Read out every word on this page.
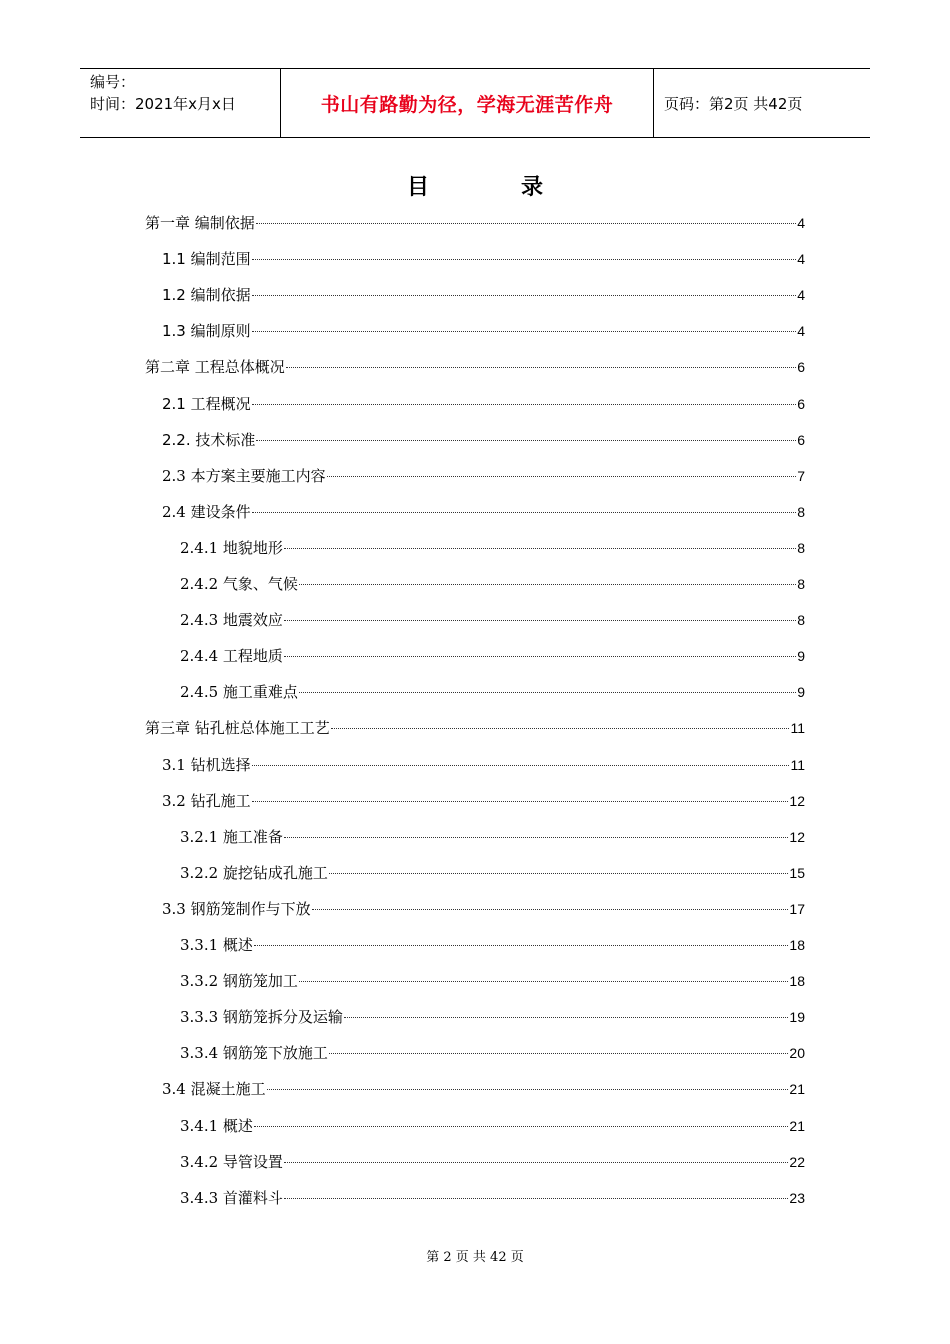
编号：
时间：2021年x月x日	书山有路勤为径，学海无涯苦作舟	页码：第2页 共42页
目	录
第一章 编制依据	4
1.1 编制范围	4
1.2 编制依据	4
1.3 编制原则	4
第二章 工程总体概况	6
2.1 工程概况	6
2.2. 技术标准	6
2.3 本方案主要施工内容	7
2.4 建设条件	8
2.4.1 地貌地形	8
2.4.2 气象、气候	8
2.4.3 地震效应	8
2.4.4 工程地质	9
2.4.5 施工重难点	9
第三章 钻孔桩总体施工工艺	11
3.1 钻机选择	11
3.2 钻孔施工	12
3.2.1 施工准备	12
3.2.2 旋挖钻成孔施工	15
3.3 钢筋笼制作与下放	17
3.3.1 概述	18
3.3.2 钢筋笼加工	18
3.3.3 钢筋笼拆分及运输	19
3.3.4 钢筋笼下放施工	20
3.4 混凝土施工	21
3.4.1 概述	21
3.4.2 导管设置	22
3.4.3 首灌料斗	23
第 2 页 共 42 页
